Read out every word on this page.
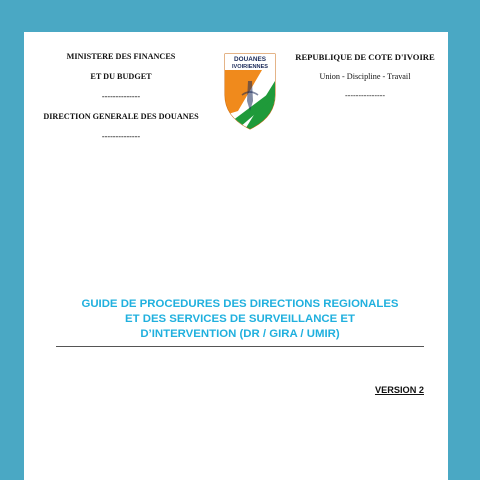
MINISTERE DES FINANCES
ET DU BUDGET
--------------
DIRECTION GENERALE DES DOUANES
--------------
DOUANES
IVOIRIENNES
REPUBLIQUE DE COTE D'IVOIRE
Union - Discipline - Travail
---------------
GUIDE DE PROCEDURES DES DIRECTIONS REGIONALES
ET DES SERVICES DE SURVEILLANCE ET
D’INTERVENTION (DR / GIRA / UMIR)
VERSION 2
